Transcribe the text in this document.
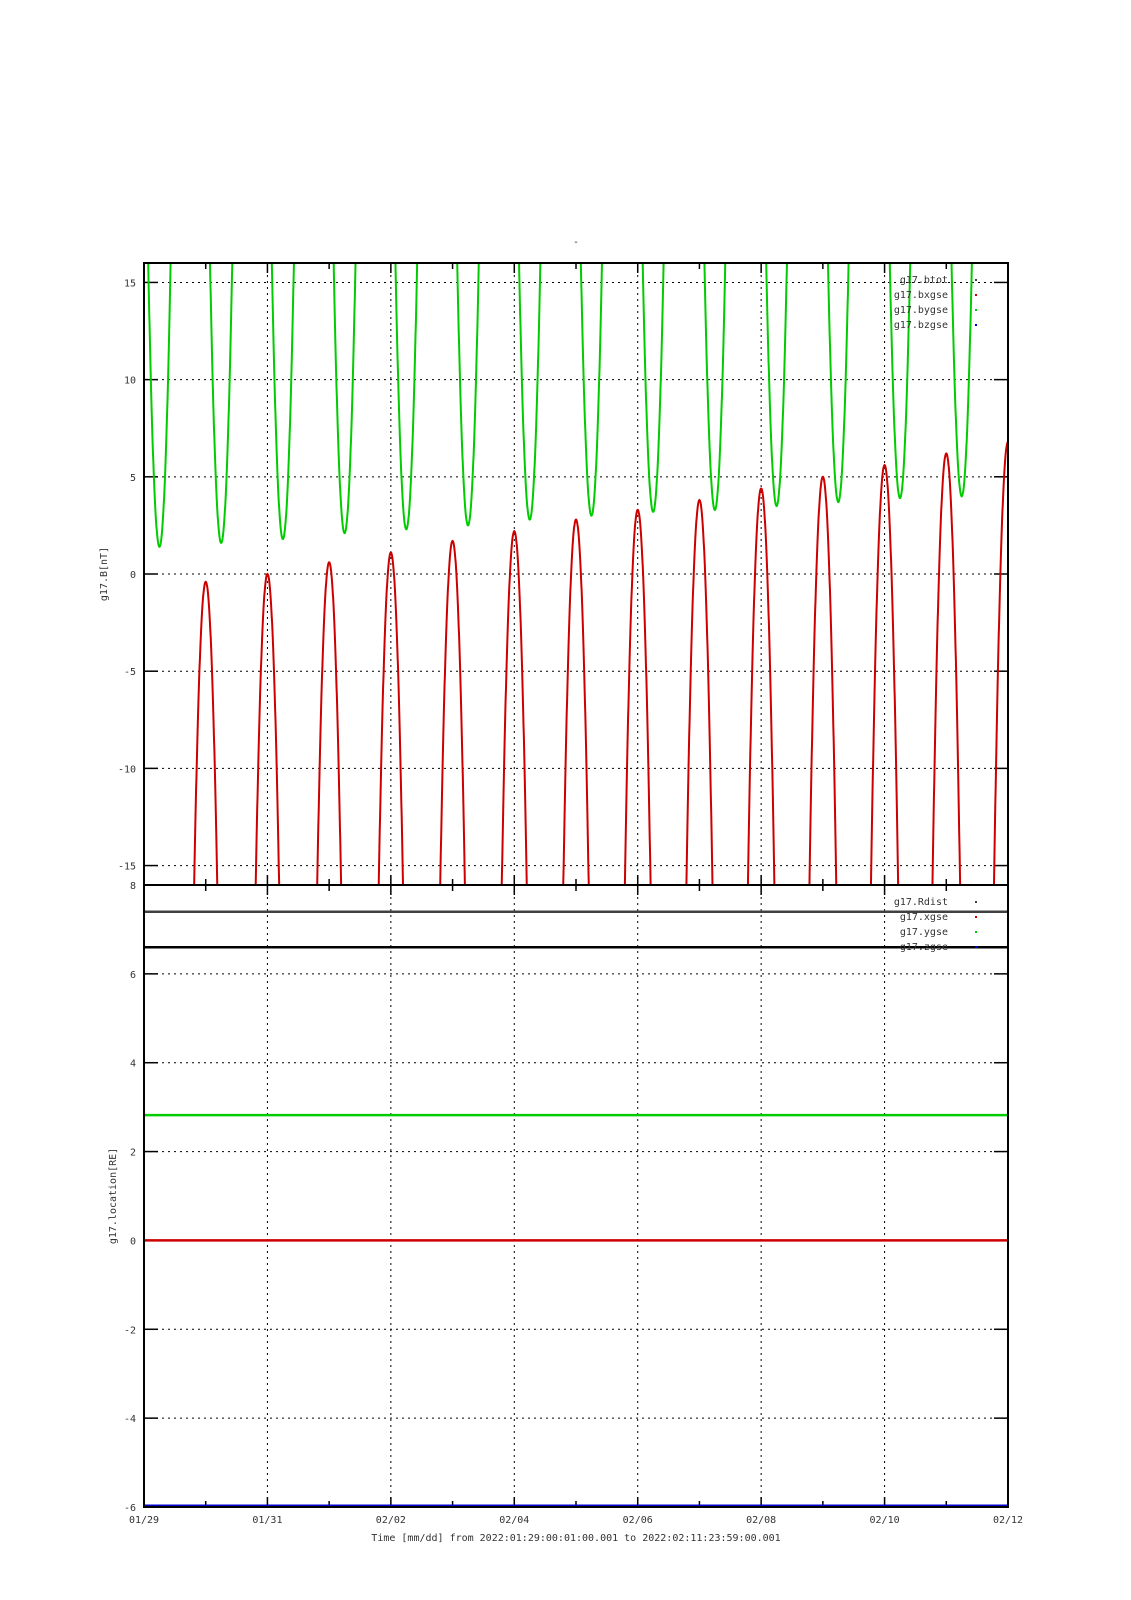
-
15
10
5
0
-5
-10
-15
g17.B[nT]
g17.btot
g17.bxgse
g17.bygse
g17.bzgse
8
6
4
2
0
-2
-4
-6
g17.location[RE]
g17.Rdist
g17.xgse
g17.ygse
g17.zgse
Time [mm/dd] from 2022:01:29:00:01:00.001 to 2022:02:11:23:59:00.001
01/29	01/31	02/02	02/04	02/06	02/08	02/10	02/12
